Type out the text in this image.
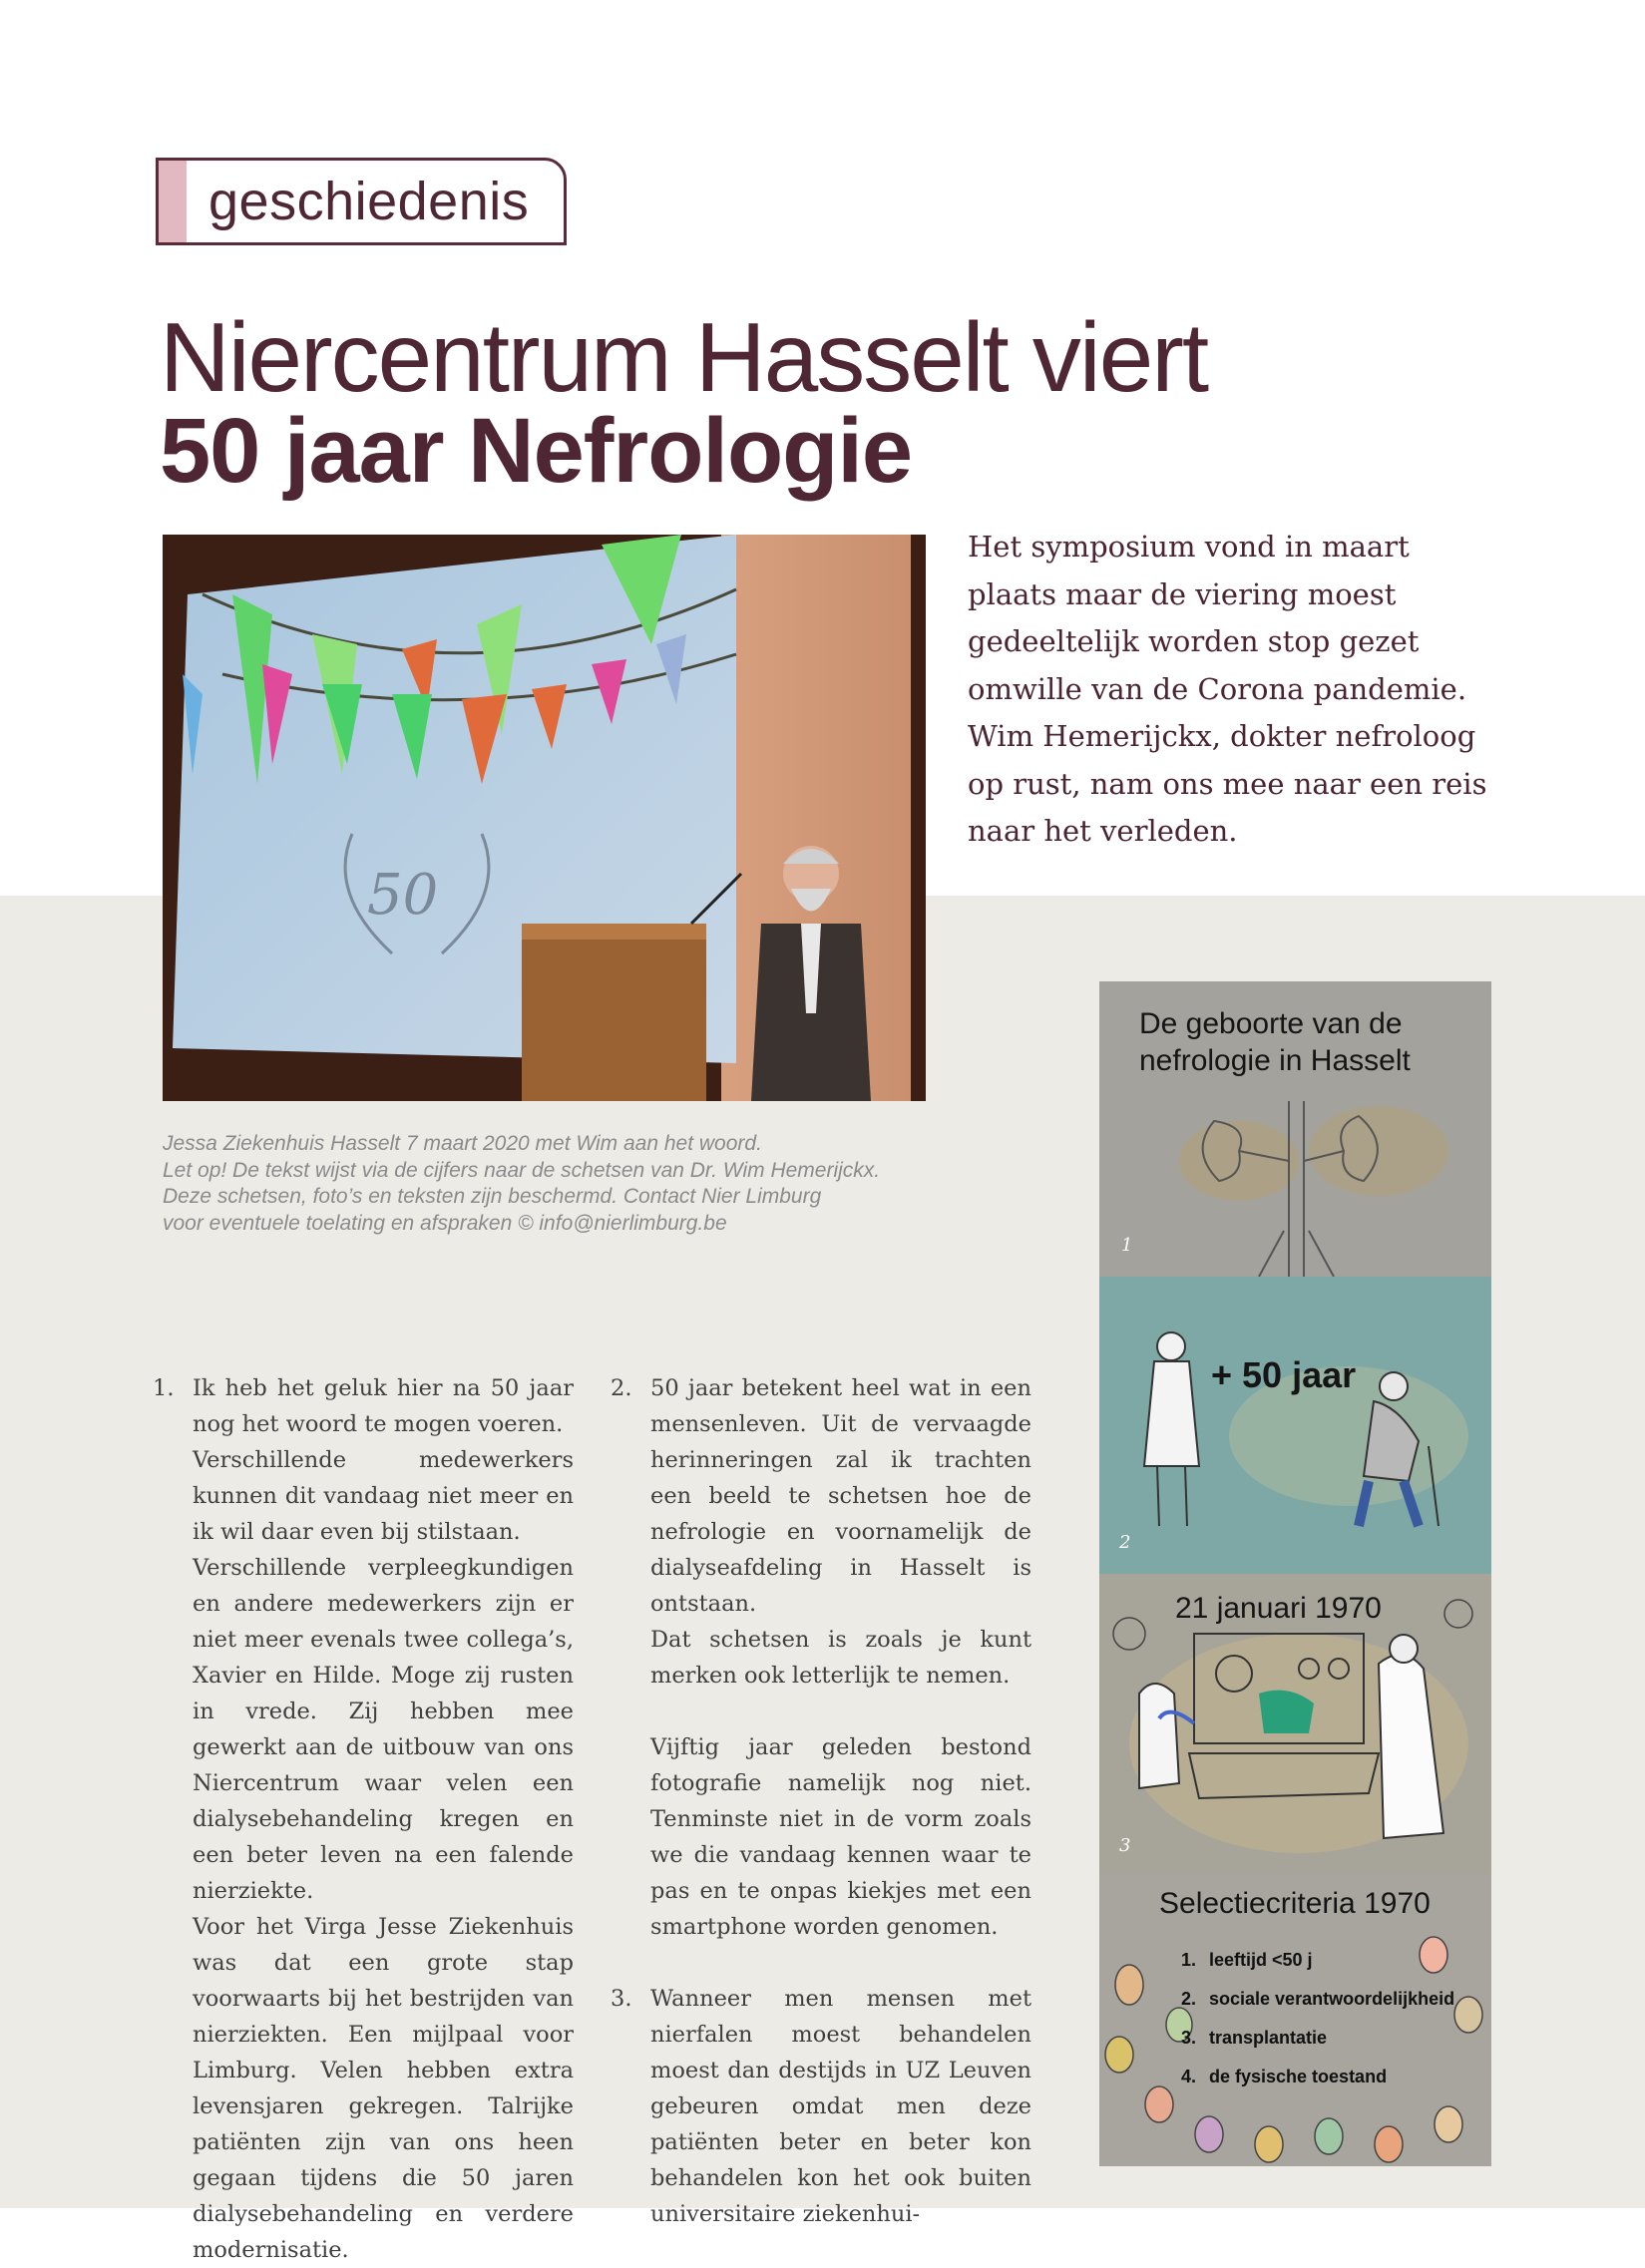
geschiedenis
Niercentrum Hasselt viert
50 jaar Nefrologie
50
Het symposium vond in maart plaats maar de viering moest gedeeltelijk worden stop gezet omwille van de Corona pandemie. Wim Hemerijckx, dokter nefroloog op rust, nam ons mee naar een reis naar het verleden.
Jessa Ziekenhuis Hasselt 7 maart 2020 met Wim aan het woord.
Let op! De tekst wijst via de cijfers naar de schetsen van Dr. Wim Hemerijckx.
Deze schetsen, foto’s en teksten zijn beschermd. Contact Nier Limburg
voor eventuele toelating en afspraken © info@nierlimburg.be
1. Ik heb het geluk hier na 50 jaar nog het woord te mogen voeren.

Verschillende medewerkers kunnen dit vandaag niet meer en ik wil daar even bij stilstaan.

Verschillende verpleegkundigen en andere medewerkers zijn er niet meer evenals twee collega’s, Xavier en Hilde. Moge zij rusten in vrede. Zij hebben mee gewerkt aan de uitbouw van ons Niercentrum waar velen een dialysebehandeling kregen en een beter leven na een falende nierziekte.

Voor het Virga Jesse Ziekenhuis was dat een grote stap voorwaarts bij het bestrijden van nierziekten. Een mijlpaal voor Limburg. Velen hebben extra levensjaren gekregen. Talrijke patiënten zijn van ons heen gegaan tijdens die 50 jaren dialysebehandeling en verdere modernisatie.

2. 50 jaar betekent heel wat in een mensenleven. Uit de vervaagde herinneringen zal ik trachten een beeld te schetsen hoe de nefrologie en voornamelijk de dialyseafdeling in Hasselt is ontstaan.

Dat schetsen is zoals je kunt merken ook letterlijk te nemen.

Vijftig jaar geleden bestond fotografie namelijk nog niet. Tenminste niet in de vorm zoals we die vandaag kennen waar te pas en te onpas kiekjes met een smartphone worden genomen.

3. Wanneer men mensen met nierfalen moest behandelen moest dan destijds in UZ Leuven gebeuren omdat men deze patiënten beter en beter kon behandelen kon het ook buiten universitaire ziekenhui-

De geboorte van de
nefrologie in Hasselt
1
+ 50 jaar
2
21 januari 1970
3
Selectiecriteria 1970
1. leeftijd <50 j
2. sociale verantwoordelijkheid
3. transplantatie
4. de fysische toestand
